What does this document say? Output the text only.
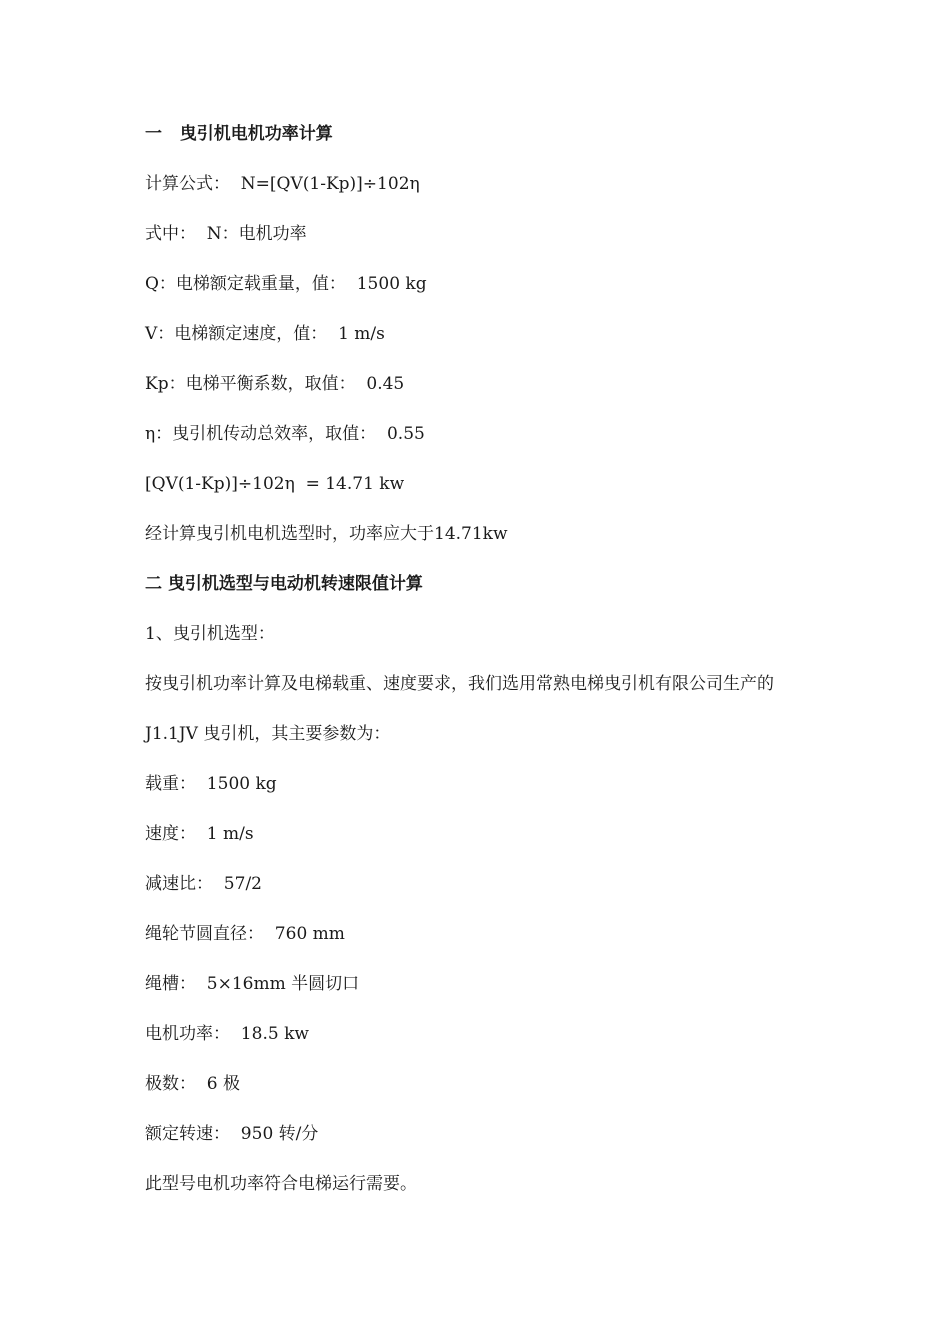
一   曳引机电机功率计算
计算公式：  N=[QV(1-Kp)]÷102η
式中：  N：电机功率
Q：电梯额定载重量，值：  1500 kg
V：电梯额定速度，值：  1 m/s
Kp：电梯平衡系数，取值：  0.45
η：曳引机传动总效率，取值：  0.55
[QV(1-Kp)]÷102η  = 14.71 kw
经计算曳引机电机选型时，功率应大于14.71kw
二 曳引机选型与电动机转速限值计算
1、曳引机选型：
按曳引机功率计算及电梯载重、速度要求，我们选用常熟电梯曳引机有限公司生产的
J1.1JV 曳引机，其主要参数为：
载重：  1500 kg
速度：  1 m/s
减速比：  57/2
绳轮节圆直径：  760 mm
绳槽：  5×16mm 半圆切口
电机功率：  18.5 kw
极数：  6 极
额定转速：  950 转/分
此型号电机功率符合电梯运行需要。
